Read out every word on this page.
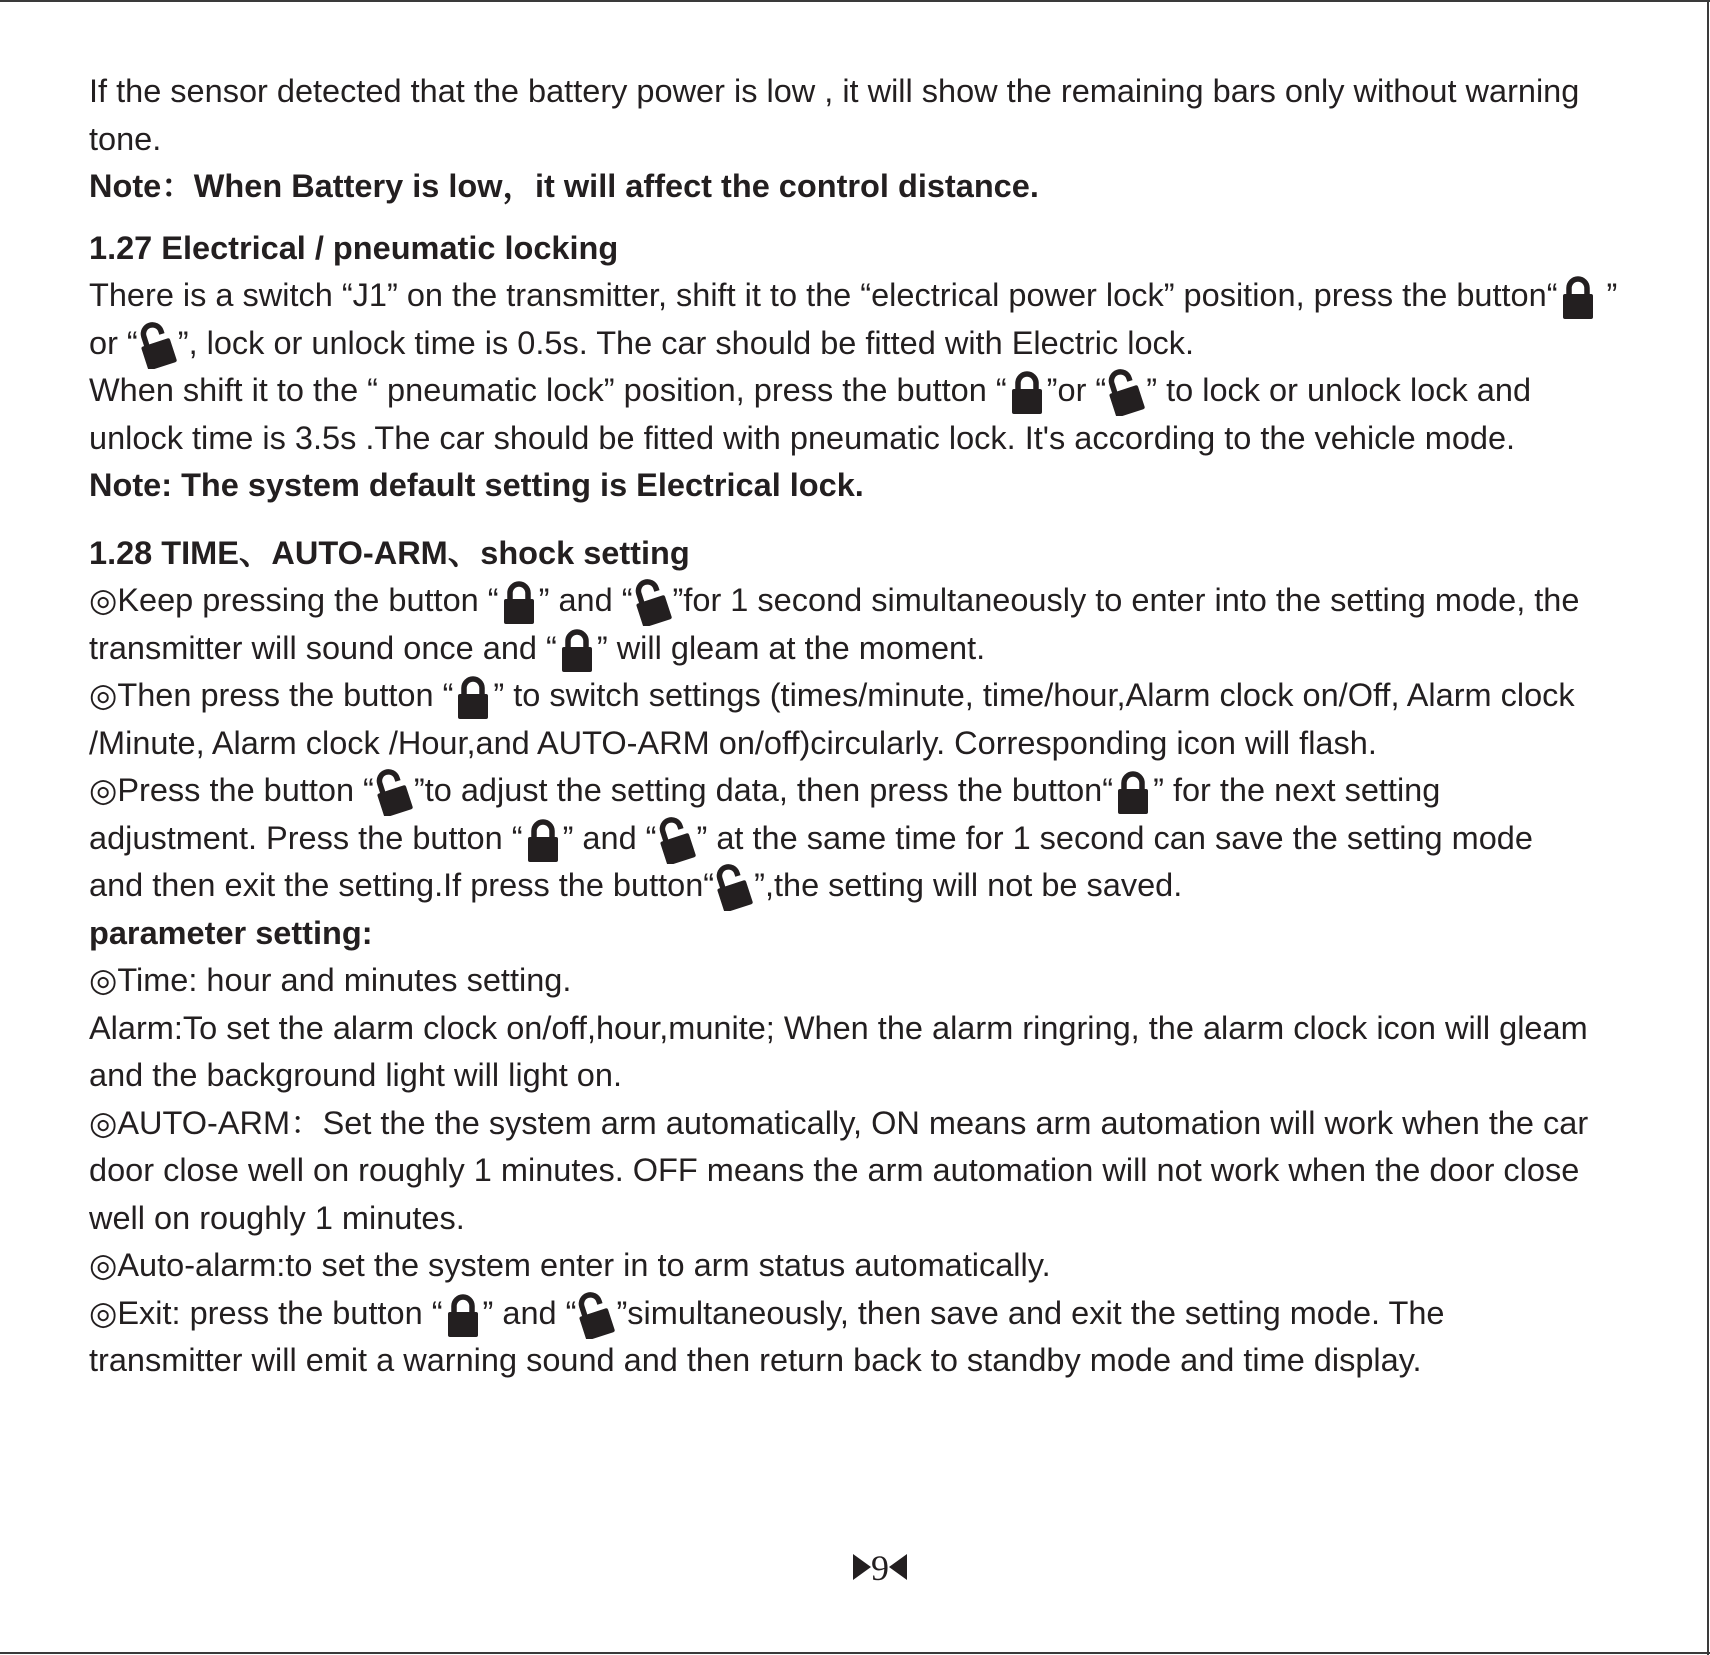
If the sensor detected that the battery power is low , it will show the remaining bars only without warning
tone.
Note：When Battery is low，it will affect the control distance.
1.27 Electrical / pneumatic locking
There is a switch “J1” on the transmitter, shift it to the “electrical power lock” position, press the button“
”
or “ ”, lock or unlock time is 0.5s. The car should be fitted with Electric lock.
When shift it to the “ pneumatic lock” position, press the button “ ”or “ ” to lock or unlock lock and
unlock time is 3.5s .The car should be fitted with pneumatic lock. It's according to the vehicle mode.
Note: The system default setting is Electrical lock.
1.28 TIME、AUTO-ARM、shock setting
◎Keep pressing the button “ ” and “ ”for 1 second simultaneously to enter into the setting mode, the
transmitter will sound once and “ ” will gleam at the moment.
◎Then press the button “ ” to switch settings (times/minute, time/hour,Alarm clock on/Off, Alarm clock
/Minute, Alarm clock /Hour,and AUTO-ARM on/off)circularly. Corresponding icon will flash.
◎Press the button “ ”to adjust the setting data, then press the button“ ” for the next setting
adjustment. Press the button “ ” and “ ” at the same time for 1 second can save the setting mode
and then exit the setting.If press the button“ ”,the setting will not be saved.
parameter setting:
◎Time: hour and minutes setting.
Alarm:To set the alarm clock on/off,hour,munite; When the alarm ringring, the alarm clock icon will gleam
and the background light will light on.
◎AUTO-ARM：Set the the system arm automatically, ON means arm automation will work when the car
door close well on roughly 1 minutes. OFF means the arm automation will not work when the door close
well on roughly 1 minutes.
◎Auto-alarm:to set the system enter in to arm status automatically.
◎Exit: press the button “ ” and “ ”simultaneously, then save and exit the setting mode. The
transmitter will emit a warning sound and then return back to standby mode and time display.
9
